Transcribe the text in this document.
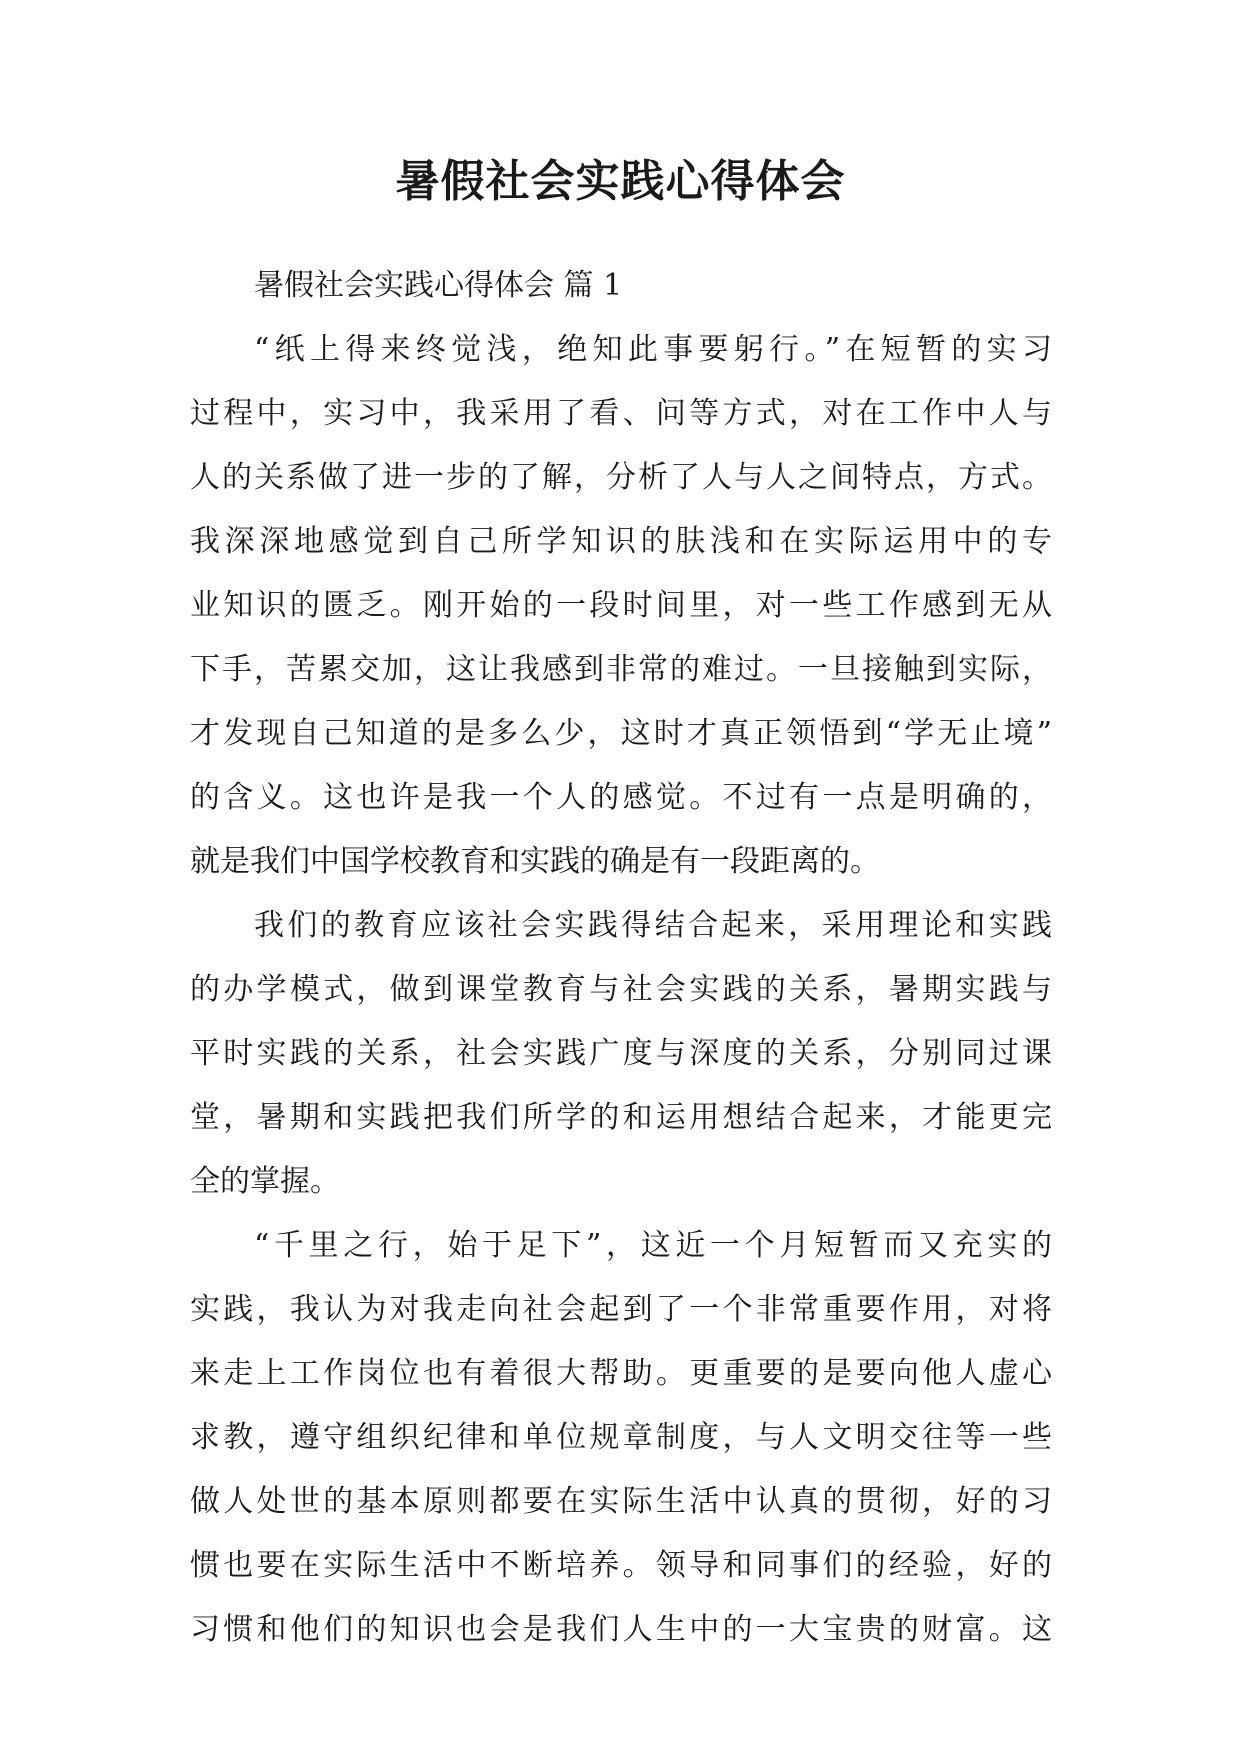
暑假社会实践心得体会

暑假社会实践心得体会 篇 1

“纸上得来终觉浅，绝知此事要躬行。”在短暂的实习

过程中，实习中，我采用了看、问等方式，对在工作中人与

人的关系做了进一步的了解，分析了人与人之间特点，方式。

我深深地感觉到自己所学知识的肤浅和在实际运用中的专

业知识的匮乏。刚开始的一段时间里，对一些工作感到无从

下手，苦累交加，这让我感到非常的难过。一旦接触到实际，

才发现自己知道的是多么少，这时才真正领悟到“学无止境”

的含义。这也许是我一个人的感觉。不过有一点是明确的，

就是我们中国学校教育和实践的确是有一段距离的。

我们的教育应该社会实践得结合起来，采用理论和实践

的办学模式，做到课堂教育与社会实践的关系，暑期实践与

平时实践的关系，社会实践广度与深度的关系，分别同过课

堂，暑期和实践把我们所学的和运用想结合起来，才能更完

全的掌握。

“千里之行，始于足下”，这近一个月短暂而又充实的

实践，我认为对我走向社会起到了一个非常重要作用，对将

来走上工作岗位也有着很大帮助。更重要的是要向他人虚心

求教，遵守组织纪律和单位规章制度，与人文明交往等一些

做人处世的基本原则都要在实际生活中认真的贯彻，好的习

惯也要在实际生活中不断培养。领导和同事们的经验，好的

习惯和他们的知识也会是我们人生中的一大宝贵的财富。这
